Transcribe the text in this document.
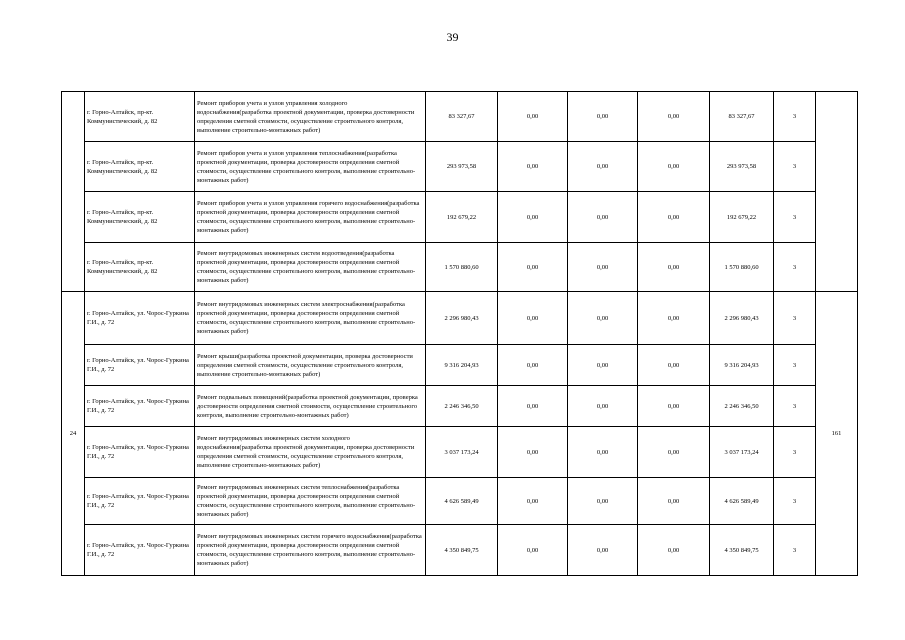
39
	г. Горно-Алтайск, пр-кт. Коммунистический, д. 82	Ремонт приборов учета и узлов управления холодного водоснабжения(разработка проектной документации, проверка достоверности определения сметной стоимости, осуществление строительного контроля, выполнение строительно-монтажных работ)	83 327,67	0,00	0,00	0,00	83 327,67	3	
	г. Горно-Алтайск, пр-кт. Коммунистический, д. 82	Ремонт приборов учета и узлов управления теплоснабжения(разработка проектной документации, проверка достоверности определения сметной стоимости, осуществление строительного контроля, выполнение строительно-монтажных работ)	293 973,58	0,00	0,00	0,00	293 973,58	3	
	г. Горно-Алтайск, пр-кт. Коммунистический, д. 82	Ремонт приборов учета и узлов управления горячего водоснабжения(разработка проектной документации, проверка достоверности определения сметной стоимости, осуществление строительного контроля, выполнение строительно-монтажных работ)	192 679,22	0,00	0,00	0,00	192 679,22	3	
	г. Горно-Алтайск, пр-кт. Коммунистический, д. 82	Ремонт внутридомовых инженерных систем водоотведения(разработка проектной документации, проверка достоверности определения сметной стоимости, осуществление строительного контроля, выполнение строительно-монтажных работ)	1 570 880,60	0,00	0,00	0,00	1 570 880,60	3	
24	г. Горно-Алтайск, ул. Чорос-Гуркина Г.И., д. 72	Ремонт внутридомовых инженерных систем электроснабжения(разработка проектной документации, проверка достоверности определения сметной стоимости, осуществление строительного контроля, выполнение строительно-монтажных работ)	2 296 980,43	0,00	0,00	0,00	2 296 980,43	3	161
	г. Горно-Алтайск, ул. Чорос-Гуркина Г.И., д. 72	Ремонт крыши(разработка проектной документации, проверка достоверности определения сметной стоимости, осуществление строительного контроля, выполнение строительно-монтажных работ)	9 316 204,93	0,00	0,00	0,00	9 316 204,93	3	
	г. Горно-Алтайск, ул. Чорос-Гуркина Г.И., д. 72	Ремонт подвальных помещений(разработка проектной документации, проверка достоверности определения сметной стоимости, осуществление строительного контроля, выполнение строительно-монтажных работ)	2 246 346,50	0,00	0,00	0,00	2 246 346,50	3	
	г. Горно-Алтайск, ул. Чорос-Гуркина Г.И., д. 72	Ремонт внутридомовых инженерных систем холодного водоснабжения(разработка проектной документации, проверка достоверности определения сметной стоимости, осуществление строительного контроля, выполнение строительно-монтажных работ)	3 037 173,24	0,00	0,00	0,00	3 037 173,24	3	
	г. Горно-Алтайск, ул. Чорос-Гуркина Г.И., д. 72	Ремонт внутридомовых инженерных систем теплоснабжения(разработка проектной документации, проверка достоверности определения сметной стоимости, осуществление строительного контроля, выполнение строительно-монтажных работ)	4 626 589,49	0,00	0,00	0,00	4 626 589,49	3	
	г. Горно-Алтайск, ул. Чорос-Гуркина Г.И., д. 72	Ремонт внутридомовых инженерных систем горячего водоснабжения(разработка проектной документации, проверка достоверности определения сметной стоимости, осуществление строительного контроля, выполнение строительно-монтажных работ)	4 350 849,75	0,00	0,00	0,00	4 350 849,75	3	
